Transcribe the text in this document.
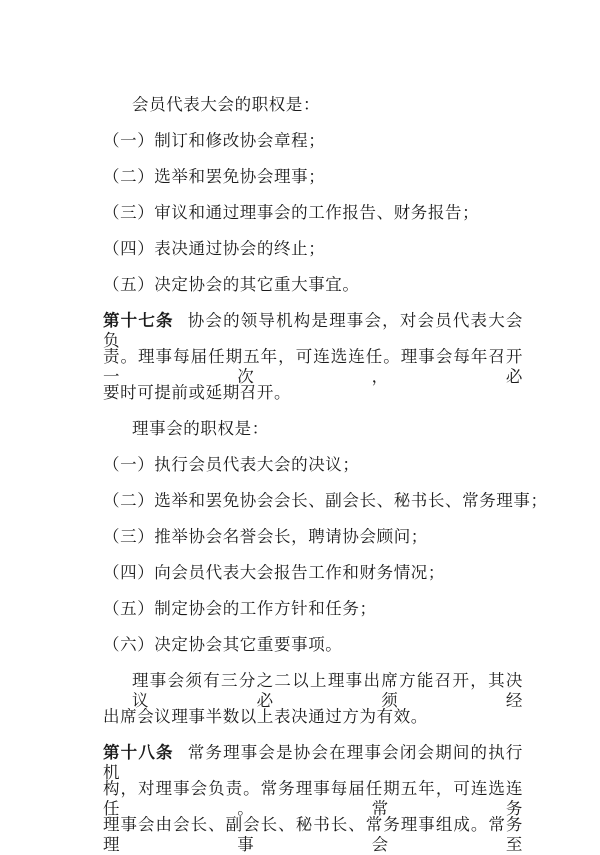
会员代表大会的职权是：
（一）制订和修改协会章程；
（二）选举和罢免协会理事；
（三）审议和通过理事会的工作报告、财务报告；
（四）表决通过协会的终止；
（五）决定协会的其它重大事宜。
第十七条 协会的领导机构是理事会，对会员代表大会负
责。理事每届任期五年，可连选连任。理事会每年召开一次，必
要时可提前或延期召开。
理事会的职权是：
（一）执行会员代表大会的决议；
（二）选举和罢免协会会长、副会长、秘书长、常务理事；
（三）推举协会名誉会长，聘请协会顾问；
（四）向会员代表大会报告工作和财务情况；
（五）制定协会的工作方针和任务；
（六）决定协会其它重要事项。
理事会须有三分之二以上理事出席方能召开，其决议必须经
出席会议理事半数以上表决通过方为有效。
第十八条 常务理事会是协会在理事会闭会期间的执行机
构，对理事会负责。常务理事每届任期五年，可连选连任。常务
理事会由会长、副会长、秘书长、常务理事组成。常务理事会至
